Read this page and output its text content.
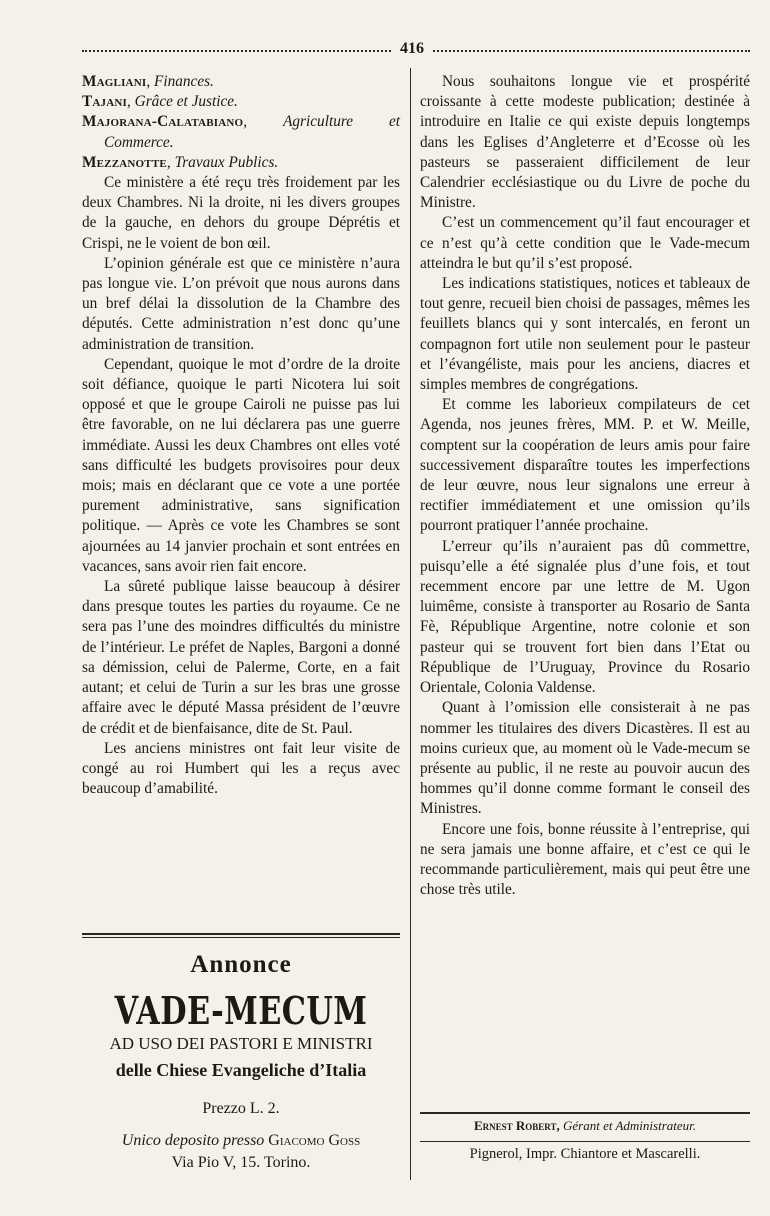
416

Magliani, Finances.

Tajani, Grâce et Justice.

Majorana-Calatabiano, Agriculture et Commerce.

Mezzanotte, Travaux Publics.

Ce ministère a été reçu très froidement par les deux Chambres. Ni la droite, ni les divers groupes de la gauche, en dehors du groupe Déprétis et Crispi, ne le voient de bon œil.

L’opinion générale est que ce ministère n’aura pas longue vie. L’on prévoit que nous aurons dans un bref délai la dissolution de la Chambre des députés. Cette administration n’est donc qu’une administration de transition.

Cependant, quoique le mot d’ordre de la droite soit défiance, quoique le parti Nicotera lui soit opposé et que le groupe Cairoli ne puisse pas lui être favorable, on ne lui déclarera pas une guerre immédiate. Aussi les deux Chambres ont elles voté sans difficulté les budgets provisoires pour deux mois; mais en déclarant que ce vote a une portée purement administrative, sans signification politique. — Après ce vote les Chambres se sont ajournées au 14 janvier prochain et sont entrées en vacances, sans avoir rien fait encore.

La sûreté publique laisse beaucoup à désirer dans presque toutes les parties du royaume. Ce ne sera pas l’une des moindres difficultés du ministre de l’intérieur. Le préfet de Naples, Bargoni a donné sa démission, celui de Palerme, Corte, en a fait autant; et celui de Turin a sur les bras une grosse affaire avec le député Massa président de l’œuvre de crédit et de bienfaisance, dite de St. Paul.

Les anciens ministres ont fait leur visite de congé au roi Humbert qui les a reçus avec beaucoup d’amabilité.

Annonce

VADE-MECUM

AD USO DEI PASTORI E MINISTRI

delle Chiese Evangeliche d’Italia

Prezzo L. 2.

Unico deposito presso Giacomo Goss

Via Pio V, 15. Torino.

Nous souhaitons longue vie et prospérité croissante à cette modeste publication; destinée à introduire en Italie ce qui existe depuis longtemps dans les Eglises d’Angleterre et d’Ecosse où les pasteurs se passeraient difficilement de leur Calendrier ecclésiastique ou du Livre de poche du Ministre.

C’est un commencement qu’il faut encourager et ce n’est qu’à cette condition que le Vade-mecum atteindra le but qu’il s’est proposé.

Les indications statistiques, notices et tableaux de tout genre, recueil bien choisi de passages, mêmes les feuillets blancs qui y sont intercalés, en feront un compagnon fort utile non seulement pour le pasteur et l’évangéliste, mais pour les anciens, diacres et simples membres de congrégations.

Et comme les laborieux compilateurs de cet Agenda, nos jeunes frères, MM. P. et W. Meille, comptent sur la coopération de leurs amis pour faire successivement disparaître toutes les imperfections de leur œuvre, nous leur signalons une erreur à rectifier immédiatement et une omission qu’ils pourront pratiquer l’année prochaine.

L’erreur qu’ils n’auraient pas dû commettre, puisqu’elle a été signalée plus d’une fois, et tout recemment encore par une lettre de M. Ugon luimême, consiste à transporter au Rosario de Santa Fè, République Argentine, notre colonie et son pasteur qui se trouvent fort bien dans l’Etat ou République de l’Uruguay, Province du Rosario Orientale, Colonia Valdense.

Quant à l’omission elle consisterait à ne pas nommer les titulaires des divers Dicastères. Il est au moins curieux que, au moment où le Vade-mecum se présente au public, il ne reste au pouvoir aucun des hommes qu’il donne comme formant le conseil des Ministres.

Encore une fois, bonne réussite à l’entreprise, qui ne sera jamais une bonne affaire, et c’est ce qui le recommande particulièrement, mais qui peut être une chose très utile.

Ernest Robert, Gérant et Administrateur.
Pignerol, Impr. Chiantore et Mascarelli.
